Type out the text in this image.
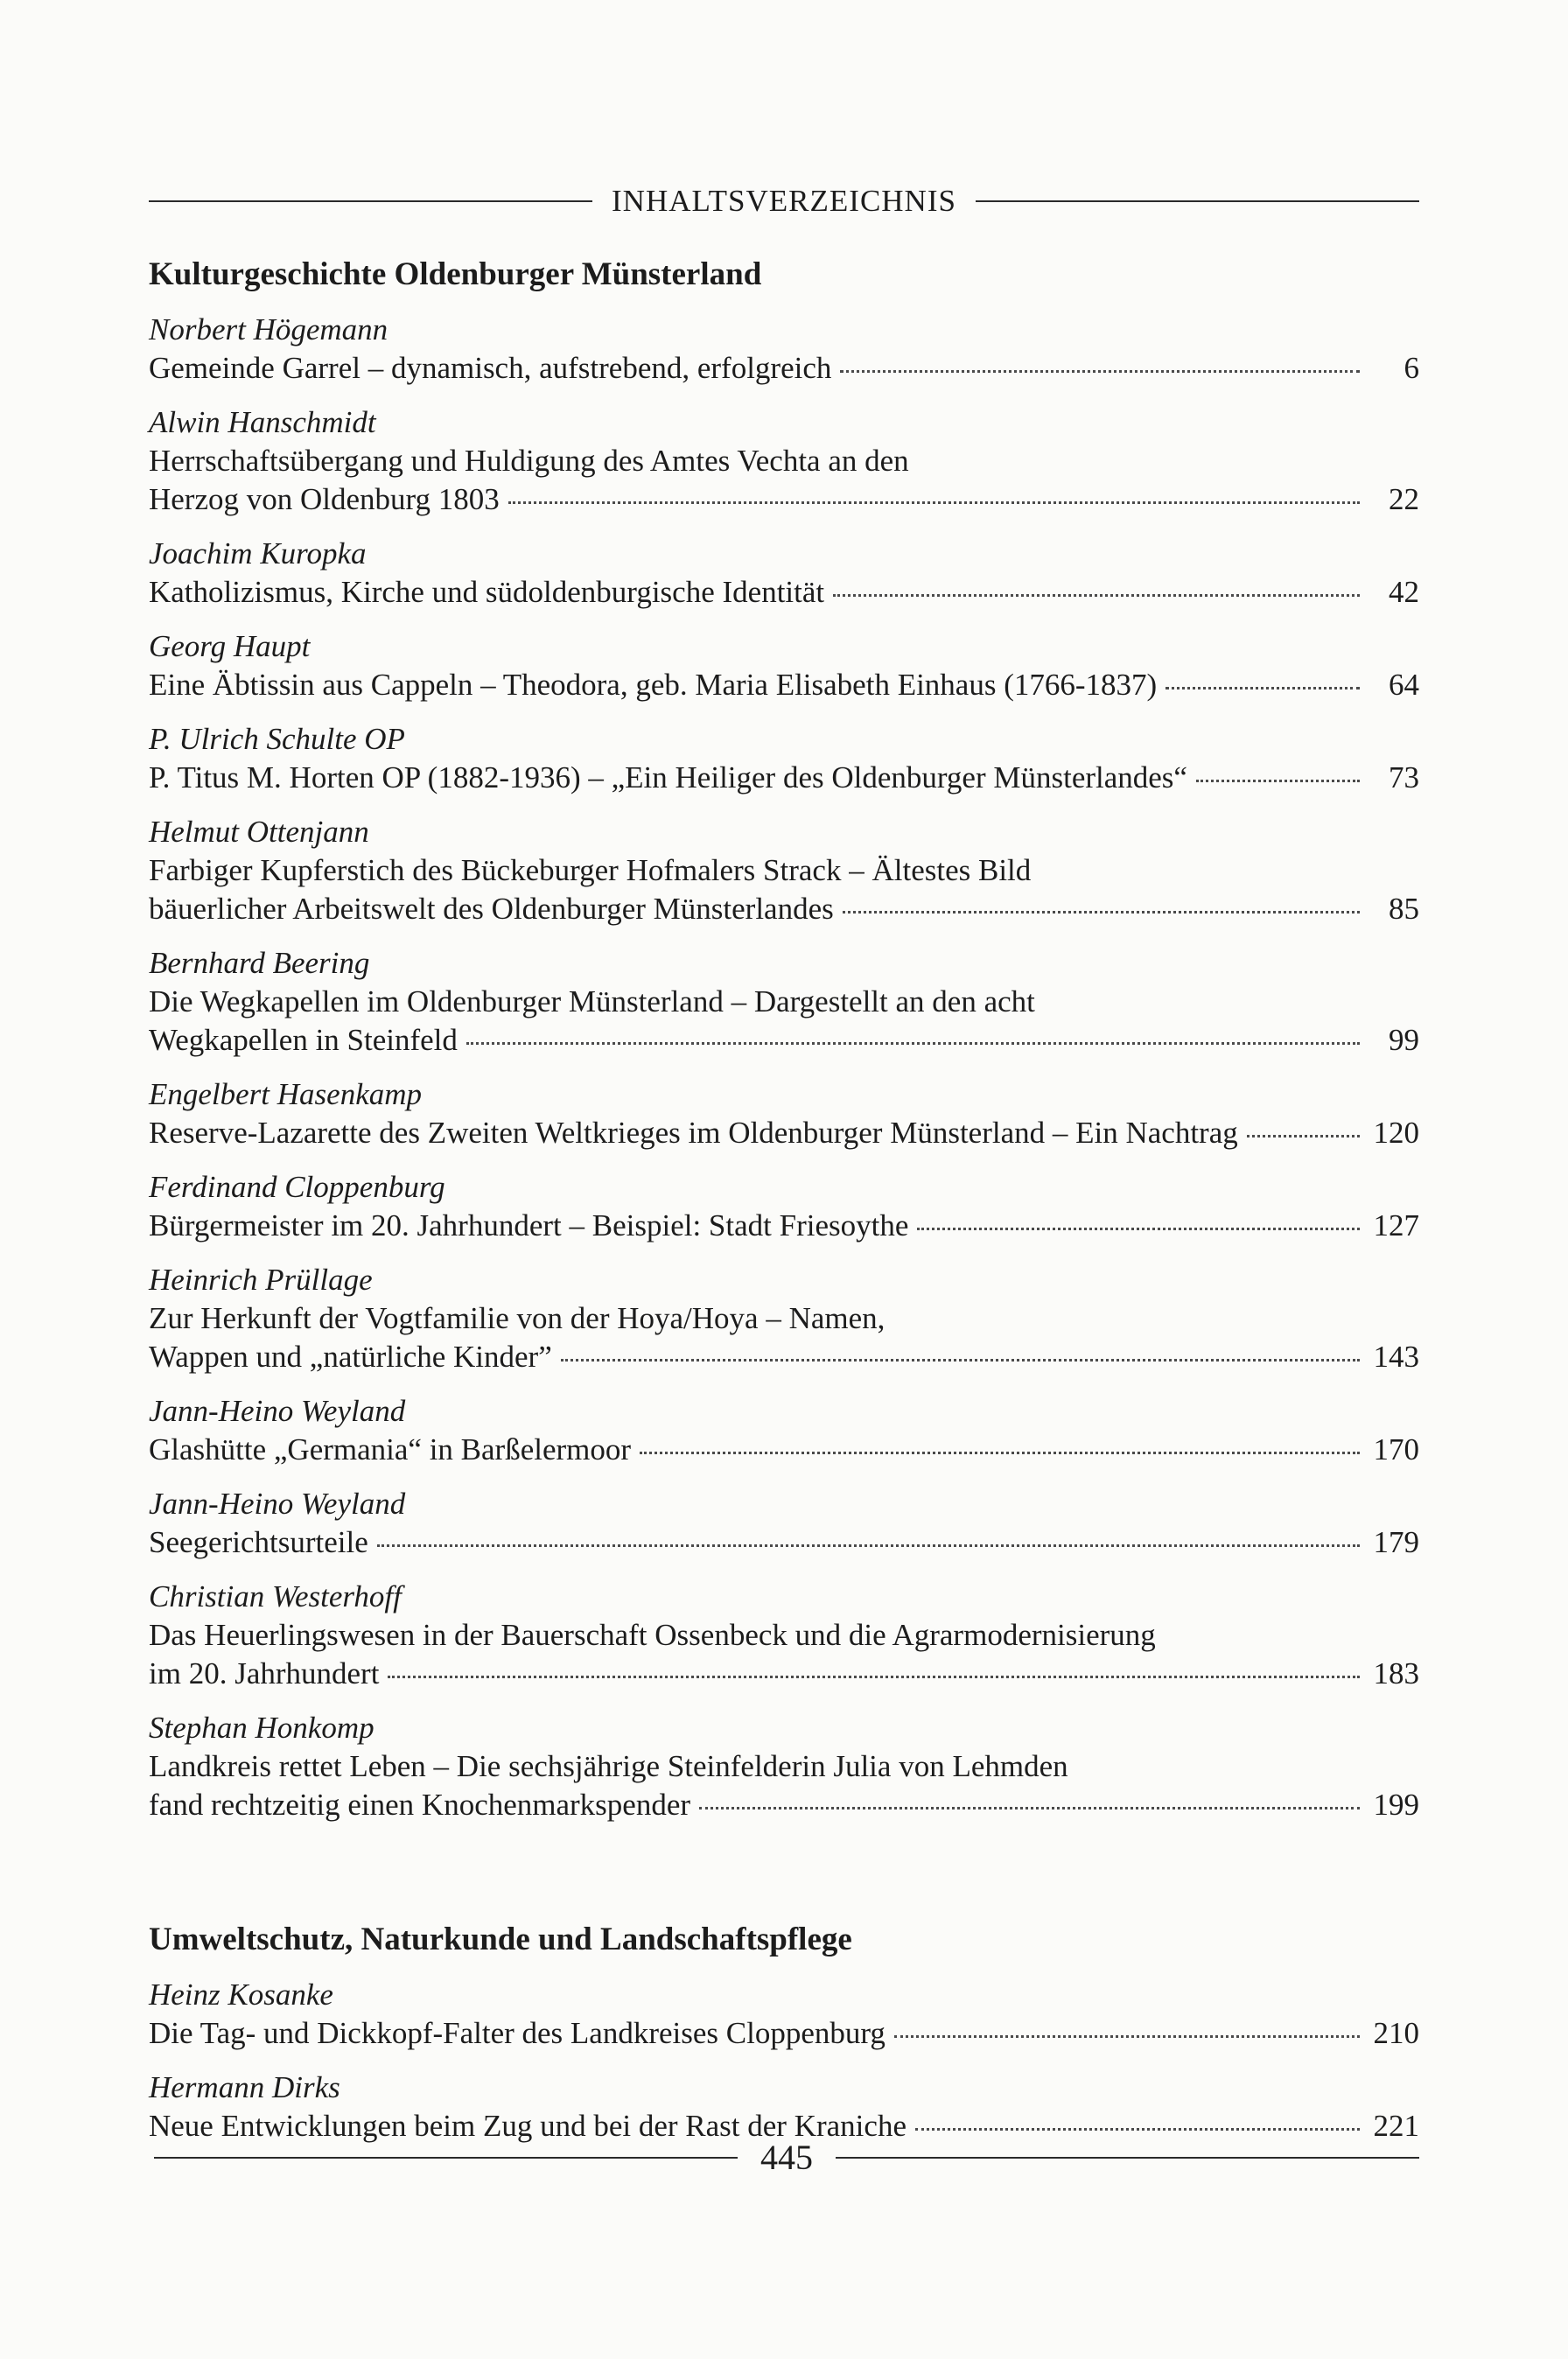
INHALTSVERZEICHNIS
Kulturgeschichte Oldenburger Münsterland
Norbert Högemann
Gemeinde Garrel – dynamisch, aufstrebend, erfolgreich	6
Alwin Hanschmidt
Herrschaftsübergang und Huldigung des Amtes Vechta an den
Herzog von Oldenburg 1803	22
Joachim Kuropka
Katholizismus, Kirche und südoldenburgische Identität	42
Georg Haupt
Eine Äbtissin aus Cappeln – Theodora, geb. Maria Elisabeth Einhaus (1766-1837)	64
P. Ulrich Schulte OP
P. Titus M. Horten OP (1882-1936) – „Ein Heiliger des Oldenburger Münsterlandes“	73
Helmut Ottenjann
Farbiger Kupferstich des Bückeburger Hofmalers Strack – Ältestes Bild
bäuerlicher Arbeitswelt des Oldenburger Münsterlandes	85
Bernhard Beering
Die Wegkapellen im Oldenburger Münsterland – Dargestellt an den acht
Wegkapellen in Steinfeld	99
Engelbert Hasenkamp
Reserve-Lazarette des Zweiten Weltkrieges im Oldenburger Münsterland – Ein Nachtrag	120
Ferdinand Cloppenburg
Bürgermeister im 20. Jahrhundert – Beispiel: Stadt Friesoythe	127
Heinrich Prüllage
Zur Herkunft der Vogtfamilie von der Hoya/Hoya – Namen,
Wappen und „natürliche Kinder”	143
Jann-Heino Weyland
Glashütte „Germania“ in Barßelermoor	170
Jann-Heino Weyland
Seegerichtsurteile	179
Christian Westerhoff
Das Heuerlingswesen in der Bauerschaft Ossenbeck und die Agrarmodernisierung
im 20. Jahrhundert	183
Stephan Honkomp
Landkreis rettet Leben – Die sechsjährige Steinfelderin Julia von Lehmden
fand rechtzeitig einen Knochenmarkspender	199
Umweltschutz, Naturkunde und Landschaftspflege
Heinz Kosanke
Die Tag- und Dickkopf-Falter des Landkreises Cloppenburg	210
Hermann Dirks
Neue Entwicklungen beim Zug und bei der Rast der Kraniche	221
445
